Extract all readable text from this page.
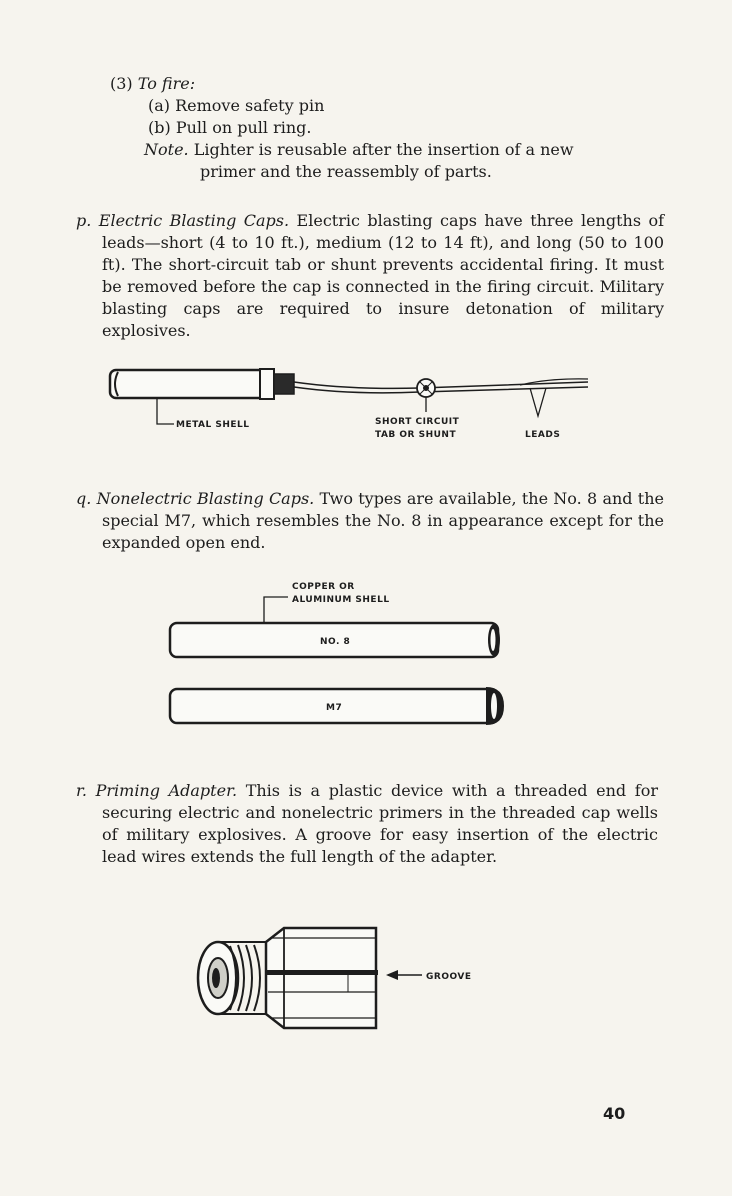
(3) To fire:
(a) Remove safety pin
(b) Pull on pull ring.
Note. Lighter is reusable after the insertion of a new
primer and the reassembly of parts.
p. Electric Blasting Caps. Electric blasting caps have three lengths of leads—short (4 to 10 ft.), medium (12 to 14 ft), and long (50 to 100 ft). The short-circuit tab or shunt prevents accidental firing. It must be removed before the cap is connected in the firing circuit. Military blasting caps are required to insure detonation of military explosives.
METAL SHELL	SHORT CIRCUIT
TAB OR SHUNT	LEADS
q. Nonelectric Blasting Caps. Two types are available, the No. 8 and the special M7, which resembles the No. 8 in appearance except for the expanded open end.
COPPER OR
ALUMINUM SHELL
NO. 8
M7
r. Priming Adapter. This is a plastic device with a threaded end for securing electric and nonelectric primers in the threaded cap wells of military explosives. A groove for easy insertion of the electric lead wires extends the full length of the adapter.
GROOVE
40
